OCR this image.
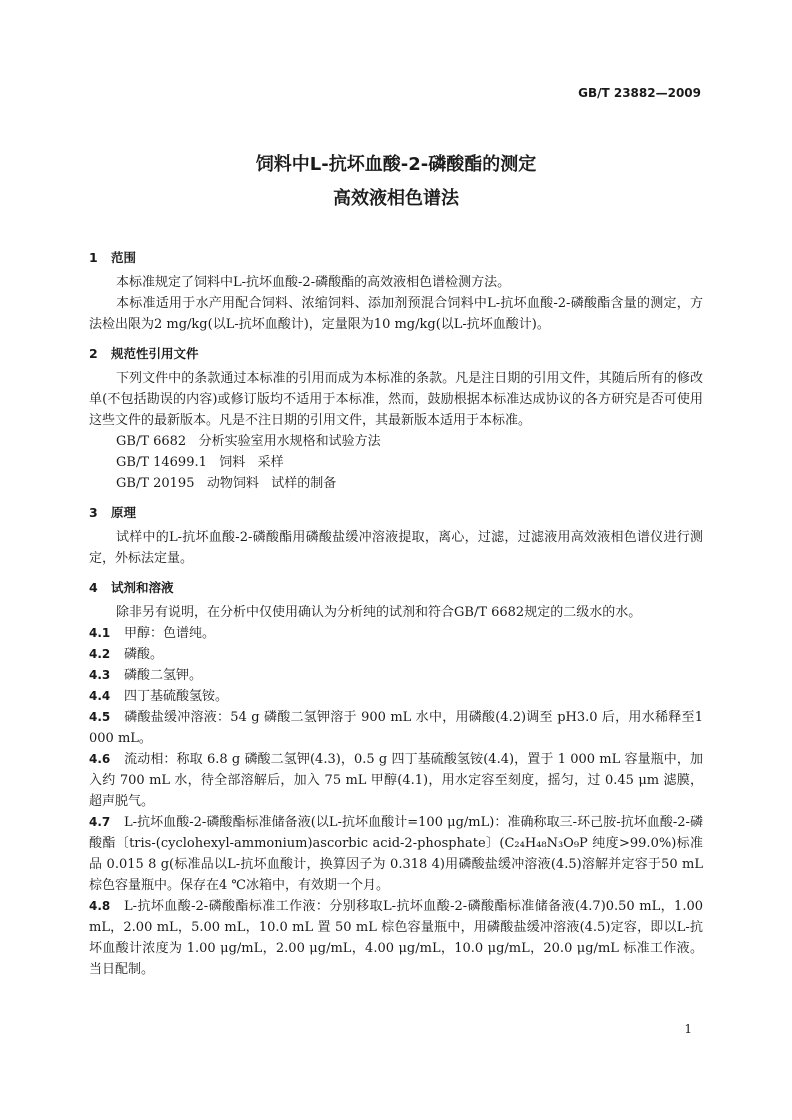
GB/T 23882—2009
饲料中L-抗坏血酸-2-磷酸酯的测定
高效液相色谱法
1 范围

本标准规定了饲料中L-抗坏血酸-2-磷酸酯的高效液相色谱检测方法。

本标准适用于水产用配合饲料、浓缩饲料、添加剂预混合饲料中L-抗坏血酸-2-磷酸酯含量的测定，方法检出限为2 mg/kg(以L-抗坏血酸计)，定量限为10 mg/kg(以L-抗坏血酸计)。

2 规范性引用文件

下列文件中的条款通过本标准的引用而成为本标准的条款。凡是注日期的引用文件，其随后所有的修改单(不包括勘误的内容)或修订版均不适用于本标准，然而，鼓励根据本标准达成协议的各方研究是否可使用这些文件的最新版本。凡是不注日期的引用文件，其最新版本适用于本标准。

GB/T 6682   分析实验室用水规格和试验方法
GB/T 14699.1   饲料   采样
GB/T 20195   动物饲料   试样的制备
3 原理

试样中的L-抗坏血酸-2-磷酸酯用磷酸盐缓冲溶液提取，离心，过滤，过滤液用高效液相色谱仪进行测定，外标法定量。

4 试剂和溶液

除非另有说明，在分析中仅使用确认为分析纯的试剂和符合GB/T 6682规定的二级水的水。

4.1 甲醇：色谱纯。

4.2 磷酸。

4.3 磷酸二氢钾。

4.4 四丁基硫酸氢铵。

4.5 磷酸盐缓冲溶液：54 g 磷酸二氢钾溶于 900 mL 水中，用磷酸(4.2)调至 pH3.0 后，用水稀释至1 000 mL。

4.6 流动相：称取 6.8 g 磷酸二氢钾(4.3)，0.5 g 四丁基硫酸氢铵(4.4)，置于 1 000 mL 容量瓶中，加入约 700 mL 水，待全部溶解后，加入 75 mL 甲醇(4.1)，用水定容至刻度，摇匀，过 0.45 μm 滤膜，超声脱气。

4.7 L-抗坏血酸-2-磷酸酯标准储备液(以L-抗坏血酸计=100 μg/mL)：准确称取三-环己胺-抗坏血酸-2-磷酸酯〔tris-(cyclohexyl-ammonium)ascorbic acid-2-phosphate〕(C₂₄H₄₈N₃O₉P 纯度>99.0%)标准品 0.015 8 g(标准品以L-抗坏血酸计，换算因子为 0.318 4)用磷酸盐缓冲溶液(4.5)溶解并定容于50 mL棕色容量瓶中。保存在4 ℃冰箱中，有效期一个月。

4.8 L-抗坏血酸-2-磷酸酯标准工作液：分别移取L-抗坏血酸-2-磷酸酯标准储备液(4.7)0.50 mL，1.00 mL，2.00 mL，5.00 mL，10.0 mL 置 50 mL 棕色容量瓶中，用磷酸盐缓冲溶液(4.5)定容，即以L-抗坏血酸计浓度为 1.00 μg/mL，2.00 μg/mL，4.00 μg/mL，10.0 μg/mL，20.0 μg/mL 标准工作液。当日配制。

1
